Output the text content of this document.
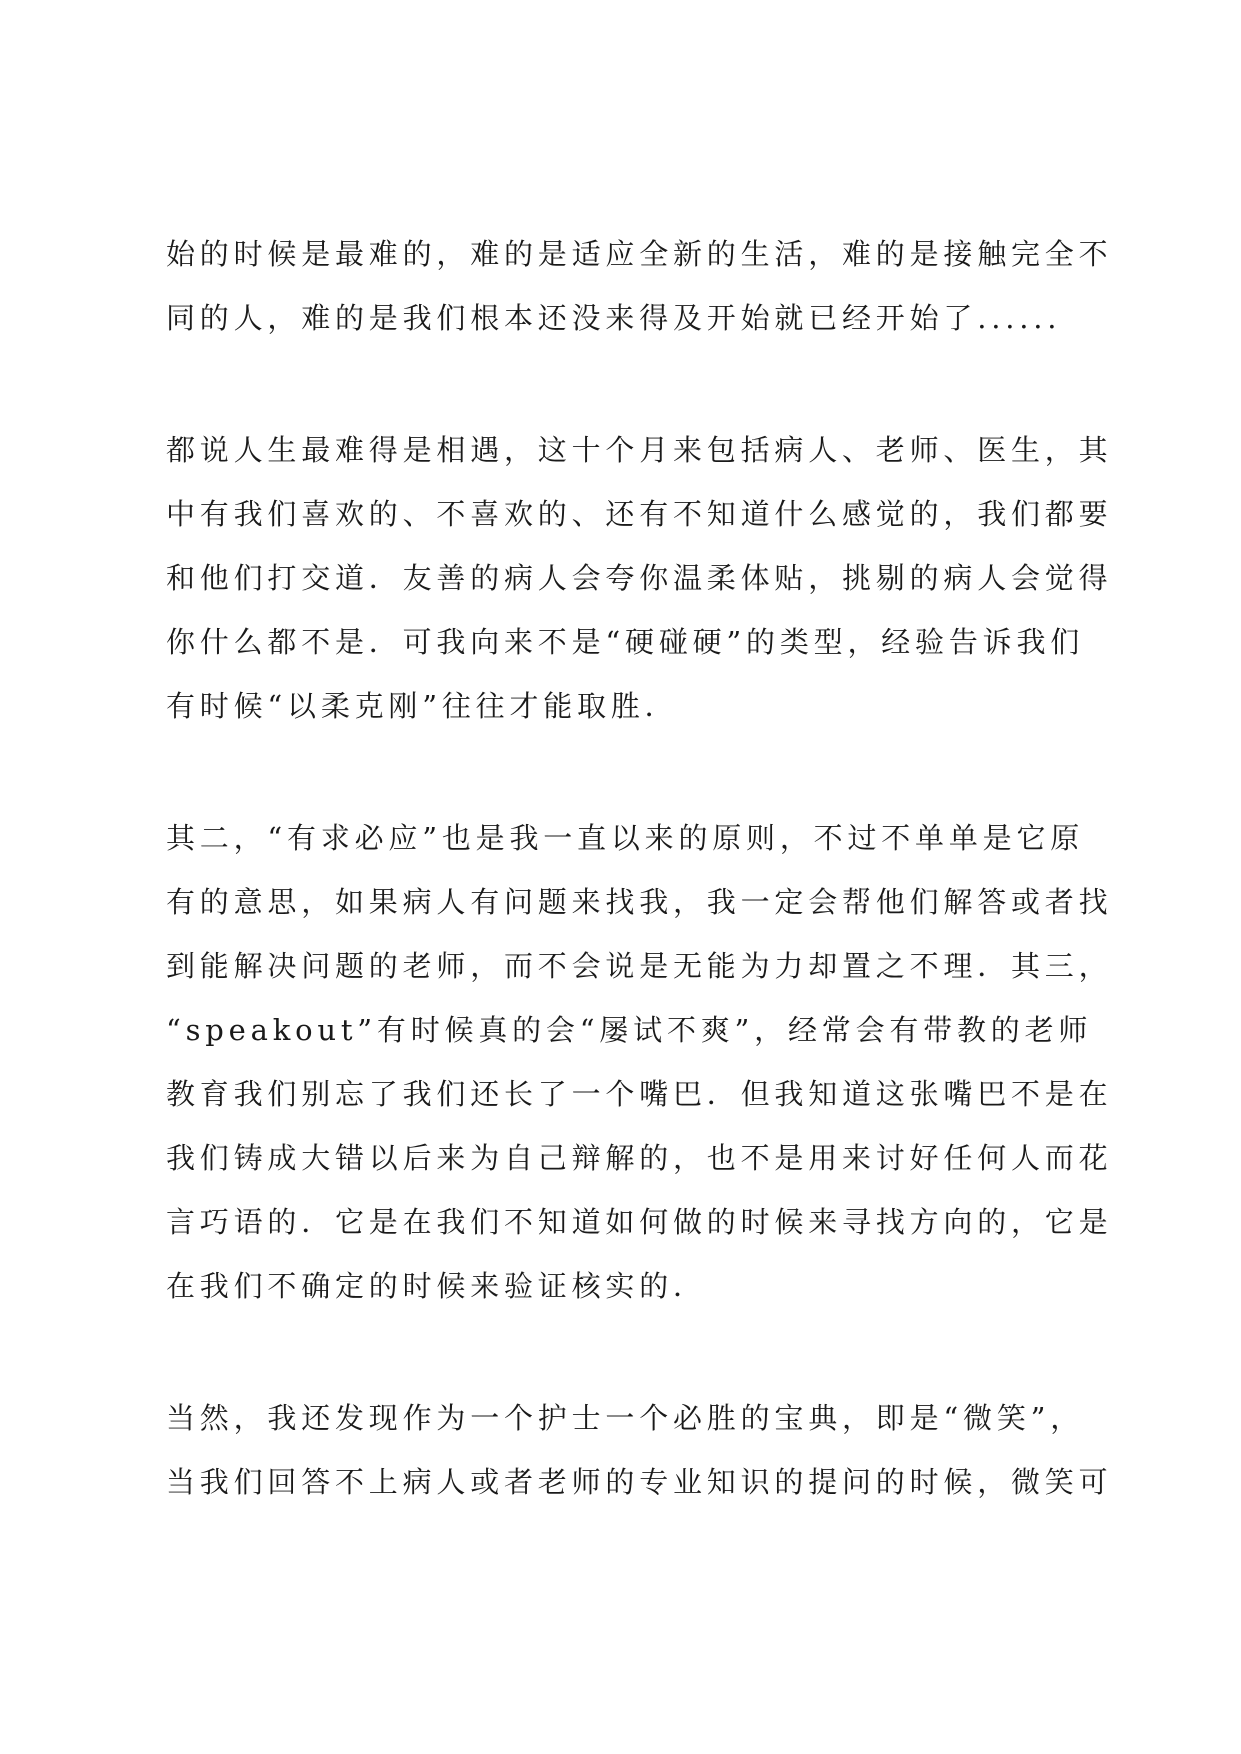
始的时候是最难的，难的是适应全新的生活，难的是接触完全不
同的人，难的是我们根本还没来得及开始就已经开始了......
都说人生最难得是相遇，这十个月来包括病人、老师、医生，其
中有我们喜欢的、不喜欢的、还有不知道什么感觉的，我们都要
和他们打交道．友善的病人会夸你温柔体贴，挑剔的病人会觉得
你什么都不是．可我向来不是“硬碰硬”的类型，经验告诉我们
有时候“以柔克刚”往往才能取胜．
其二，“有求必应”也是我一直以来的原则，不过不单单是它原
有的意思，如果病人有问题来找我，我一定会帮他们解答或者找
到能解决问题的老师，而不会说是无能为力却置之不理．其三，
“speakout”有时候真的会“屡试不爽”，经常会有带教的老师
教育我们别忘了我们还长了一个嘴巴．但我知道这张嘴巴不是在
我们铸成大错以后来为自己辩解的，也不是用来讨好任何人而花
言巧语的．它是在我们不知道如何做的时候来寻找方向的，它是
在我们不确定的时候来验证核实的．
当然，我还发现作为一个护士一个必胜的宝典，即是“微笑”，
当我们回答不上病人或者老师的专业知识的提问的时候，微笑可
